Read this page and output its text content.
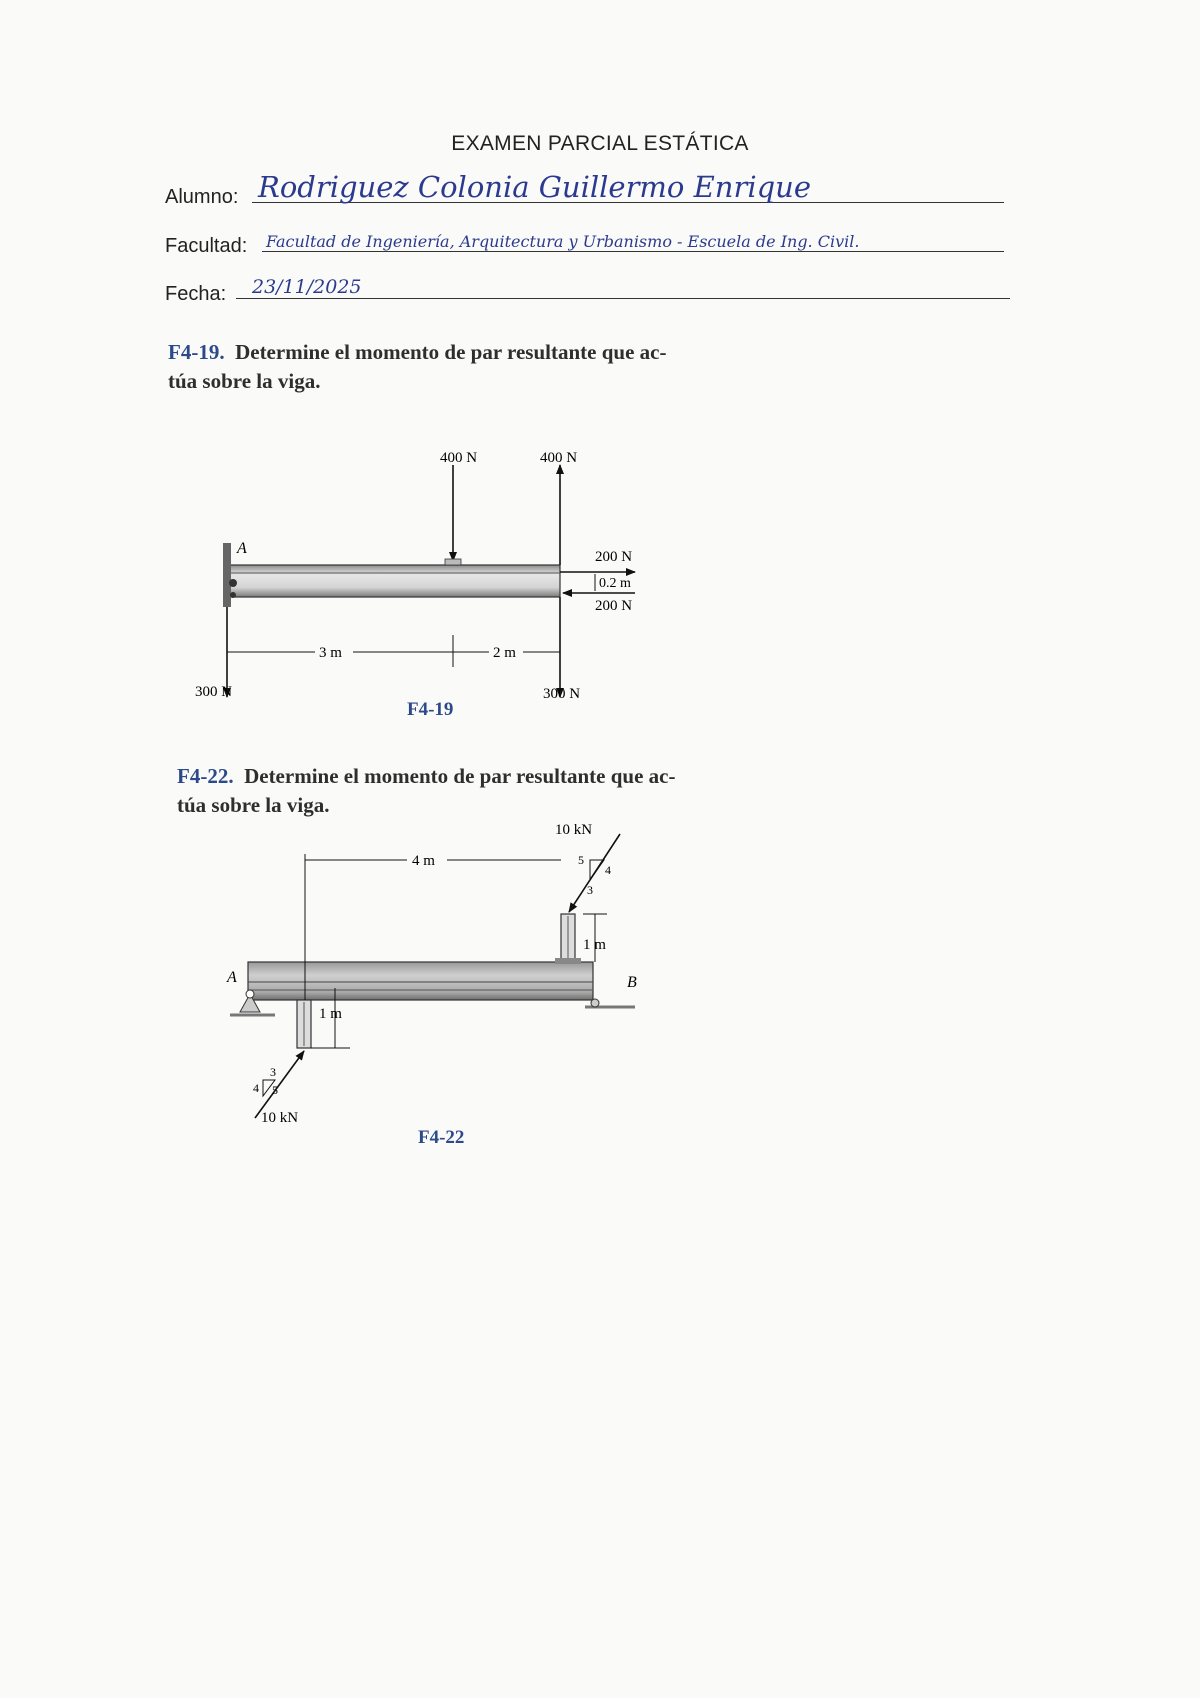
EXAMEN PARCIAL ESTÁTICA
Alumno: Rodriguez Colonia Guillermo Enrique
Facultad: Facultad de Ingeniería, Arquitectura y Urbanismo - Escuela de Ing. Civil.
Fecha: 23/11/2025
F4-19. Determine el momento de par resultante que ac-
túa sobre la viga.
400 N	400 N
200 N
0.2 m
200 N
A
3 m	2 m
300 N	300 N
F4-19
F4-22. Determine el momento de par resultante que ac-
túa sobre la viga.
10 kN
5
4
3
4 m
1 m
A	B
1 m
3
4 5
10 kN
F4-22
